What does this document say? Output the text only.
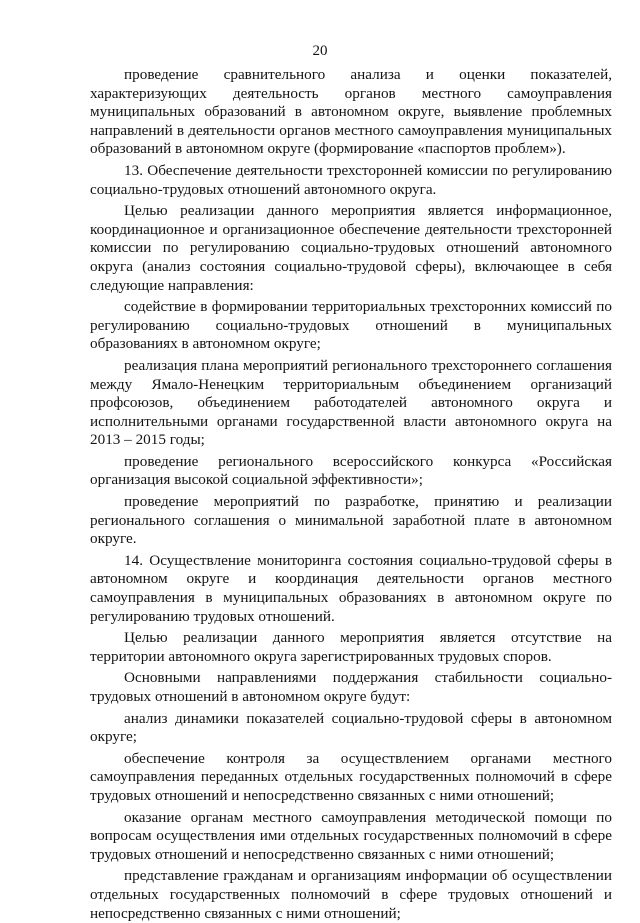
20

проведение сравнительного анализа и оценки показателей, характеризующих деятельность органов местного самоуправления муниципальных образований в автономном округе, выявление проблемных направлений в деятельности органов местного самоуправления муниципальных образований в автономном округе (формирование «паспортов проблем»).

13. Обеспечение деятельности трехсторонней комиссии по регулированию социально-трудовых отношений автономного округа.

Целью реализации данного мероприятия является информационное, координационное и организационное обеспечение деятельности трехсторонней комиссии по регулированию социально-трудовых отношений автономного округа (анализ состояния социально-трудовой сферы), включающее в себя следующие направления:

содействие в формировании территориальных трехсторонних комиссий по регулированию социально-трудовых отношений в муниципальных образованиях в автономном округе;

реализация плана мероприятий регионального трехстороннего соглашения между Ямало-Ненецким территориальным объединением организаций профсоюзов, объединением работодателей автономного округа и исполнительными органами государственной власти автономного округа на 2013 – 2015 годы;

проведение регионального всероссийского конкурса «Российская организация высокой социальной эффективности»;

проведение мероприятий по разработке, принятию и реализации регионального соглашения о минимальной заработной плате в автономном округе.

14. Осуществление мониторинга состояния социально-трудовой сферы в автономном округе и координация деятельности органов местного самоуправления в муниципальных образованиях в автономном округе по регулированию трудовых отношений.

Целью реализации данного мероприятия является отсутствие на территории автономного округа зарегистрированных трудовых споров.

Основными направлениями поддержания стабильности социально-трудовых отношений в автономном округе будут:

анализ динамики показателей социально-трудовой сферы в автономном округе;

обеспечение контроля за осуществлением органами местного самоуправления переданных отдельных государственных полномочий в сфере трудовых отношений и непосредственно связанных с ними отношений;

оказание органам местного самоуправления методической помощи по вопросам осуществления ими отдельных государственных полномочий в сфере трудовых отношений и непосредственно связанных с ними отношений;

представление гражданам и организациям информации об осуществлении отдельных государственных полномочий в сфере трудовых отношений и непосредственно связанных с ними отношений;
